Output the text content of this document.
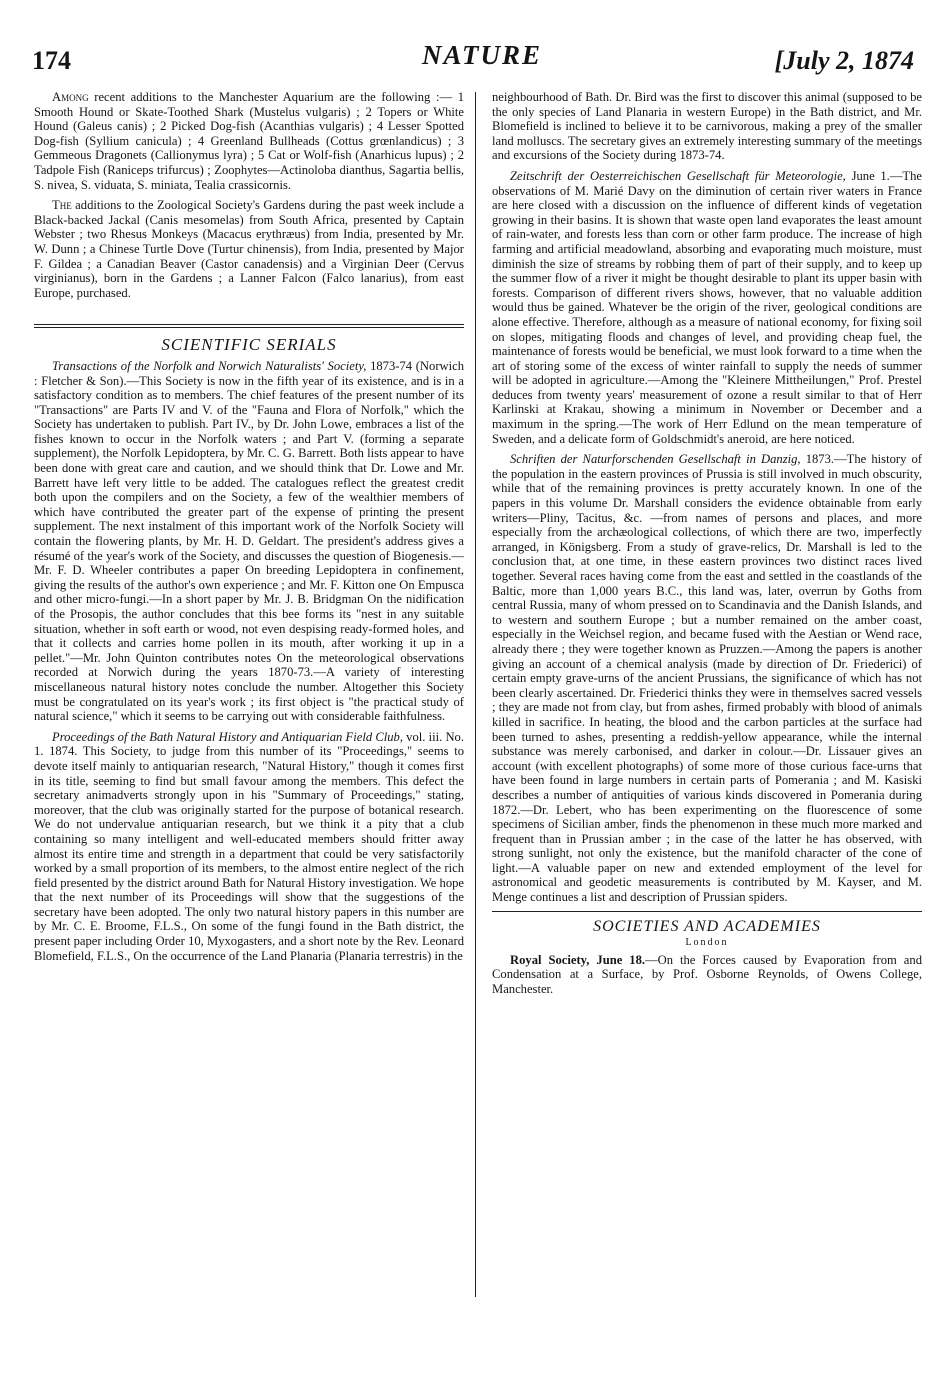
174	NATURE	[July 2, 1874

Among recent additions to the Manchester Aquarium are the following :— 1 Smooth Hound or Skate-Toothed Shark (Mustelus vulgaris) ; 2 Topers or White Hound (Galeus canis) ; 2 Picked Dog-fish (Acanthias vulgaris) ; 4 Lesser Spotted Dog-fish (Syllium canicula) ; 4 Greenland Bullheads (Cottus grœnlandicus) ; 3 Gemmeous Dragonets (Callionymus lyra) ; 5 Cat or Wolf-fish (Anarhicus lupus) ; 2 Tadpole Fish (Raniceps trifurcus) ; Zoophytes—Actinoloba dianthus, Sagartia bellis, S. nivea, S. viduata, S. miniata, Tealia crassicornis.

The additions to the Zoological Society's Gardens during the past week include a Black-backed Jackal (Canis mesomelas) from South Africa, presented by Captain Webster ; two Rhesus Monkeys (Macacus erythræus) from India, presented by Mr. W. Dunn ; a Chinese Turtle Dove (Turtur chinensis), from India, presented by Major F. Gildea ; a Canadian Beaver (Castor canadensis) and a Virginian Deer (Cervus virginianus), born in the Gardens ; a Lanner Falcon (Falco lanarius), from east Europe, purchased.

SCIENTIFIC SERIALS

Transactions of the Norfolk and Norwich Naturalists' Society, 1873-74 (Norwich : Fletcher & Son).—This Society is now in the fifth year of its existence, and is in a satisfactory condition as to members. The chief features of the present number of its "Transactions" are Parts IV and V. of the "Fauna and Flora of Norfolk," which the Society has undertaken to publish. Part IV., by Dr. John Lowe, embraces a list of the fishes known to occur in the Norfolk waters ; and Part V. (forming a separate supplement), the Norfolk Lepidoptera, by Mr. C. G. Barrett. Both lists appear to have been done with great care and caution, and we should think that Dr. Lowe and Mr. Barrett have left very little to be added. The catalogues reflect the greatest credit both upon the compilers and on the Society, a few of the wealthier members of which have contributed the greater part of the expense of printing the present supplement. The next instalment of this important work of the Norfolk Society will contain the flowering plants, by Mr. H. D. Geldart. The president's address gives a résumé of the year's work of the Society, and discusses the question of Biogenesis.—Mr. F. D. Wheeler contributes a paper On breeding Lepidoptera in confinement, giving the results of the author's own experience ; and Mr. F. Kitton one On Empusca and other micro-fungi.—In a short paper by Mr. J. B. Bridgman On the nidification of the Prosopis, the author concludes that this bee forms its "nest in any suitable situation, whether in soft earth or wood, not even despising ready-formed holes, and that it collects and carries home pollen in its mouth, after working it up in a pellet."—Mr. John Quinton contributes notes On the meteorological observations recorded at Norwich during the years 1870-73.—A variety of interesting miscellaneous natural history notes conclude the number. Altogether this Society must be congratulated on its year's work ; its first object is "the practical study of natural science," which it seems to be carrying out with considerable faithfulness.

Proceedings of the Bath Natural History and Antiquarian Field Club, vol. iii. No. 1. 1874. This Society, to judge from this number of its "Proceedings," seems to devote itself mainly to antiquarian research, "Natural History," though it comes first in its title, seeming to find but small favour among the members. This defect the secretary animadverts strongly upon in his "Summary of Proceedings," stating, moreover, that the club was originally started for the purpose of botanical research. We do not undervalue antiquarian research, but we think it a pity that a club containing so many intelligent and well-educated members should fritter away almost its entire time and strength in a department that could be very satisfactorily worked by a small proportion of its members, to the almost entire neglect of the rich field presented by the district around Bath for Natural History investigation. We hope that the next number of its Proceedings will show that the suggestions of the secretary have been adopted. The only two natural history papers in this number are by Mr. C. E. Broome, F.L.S., On some of the fungi found in the Bath district, the present paper including Order 10, Myxogasters, and a short note by the Rev. Leonard Blomefield, F.L.S., On the occurrence of the Land Planaria (Planaria terrestris) in the

neighbourhood of Bath. Dr. Bird was the first to discover this animal (supposed to be the only species of Land Planaria in western Europe) in the Bath district, and Mr. Blomefield is inclined to believe it to be carnivorous, making a prey of the smaller land molluscs. The secretary gives an extremely interesting summary of the meetings and excursions of the Society during 1873-74.

Zeitschrift der Oesterreichischen Gesellschaft für Meteorologie, June 1.—The observations of M. Marié Davy on the diminution of certain river waters in France are here closed with a discussion on the influence of different kinds of vegetation growing in their basins. It is shown that waste open land evaporates the least amount of rain-water, and forests less than corn or other farm produce. The increase of high farming and artificial meadowland, absorbing and evaporating much moisture, must diminish the size of streams by robbing them of part of their supply, and to keep up the summer flow of a river it might be thought desirable to plant its upper basin with forests. Comparison of different rivers shows, however, that no valuable addition would thus be gained. Whatever be the origin of the river, geological conditions are alone effective. Therefore, although as a measure of national economy, for fixing soil on slopes, mitigating floods and changes of level, and providing cheap fuel, the maintenance of forests would be beneficial, we must look forward to a time when the art of storing some of the excess of winter rainfall to supply the needs of summer will be adopted in agriculture.—Among the "Kleinere Mittheilungen," Prof. Prestel deduces from twenty years' measurement of ozone a result similar to that of Herr Karlinski at Krakau, showing a minimum in November or December and a maximum in the spring.—The work of Herr Edlund on the mean temperature of Sweden, and a delicate form of Goldschmidt's aneroid, are here noticed.

Schriften der Naturforschenden Gesellschaft in Danzig, 1873.—The history of the population in the eastern provinces of Prussia is still involved in much obscurity, while that of the remaining provinces is pretty accurately known. In one of the papers in this volume Dr. Marshall considers the evidence obtainable from early writers—Pliny, Tacitus, &c. —from names of persons and places, and more especially from the archæological collections, of which there are two, imperfectly arranged, in Königsberg. From a study of grave-relics, Dr. Marshall is led to the conclusion that, at one time, in these eastern provinces two distinct races lived together. Several races having come from the east and settled in the coastlands of the Baltic, more than 1,000 years B.C., this land was, later, overrun by Goths from central Russia, many of whom pressed on to Scandinavia and the Danish Islands, and to western and southern Europe ; but a number remained on the amber coast, especially in the Weichsel region, and became fused with the Aestian or Wend race, already there ; they were together known as Pruzzen.—Among the papers is another giving an account of a chemical analysis (made by direction of Dr. Friederici) of certain empty grave-urns of the ancient Prussians, the significance of which has not been clearly ascertained. Dr. Friederici thinks they were in themselves sacred vessels ; they are made not from clay, but from ashes, firmed probably with blood of animals killed in sacrifice. In heating, the blood and the carbon particles at the surface had been turned to ashes, presenting a reddish-yellow appearance, while the internal substance was merely carbonised, and darker in colour.—Dr. Lissauer gives an account (with excellent photographs) of some more of those curious face-urns that have been found in large numbers in certain parts of Pomerania ; and M. Kasiski describes a number of antiquities of various kinds discovered in Pomerania during 1872.—Dr. Lebert, who has been experimenting on the fluorescence of some specimens of Sicilian amber, finds the phenomenon in these much more marked and frequent than in Prussian amber ; in the case of the latter he has observed, with strong sunlight, not only the existence, but the manifold character of the cone of light.—A valuable paper on new and extended employment of the level for astronomical and geodetic measurements is contributed by M. Kayser, and M. Menge continues a list and description of Prussian spiders.

SOCIETIES AND ACADEMIES
London

Royal Society, June 18.—On the Forces caused by Evaporation from and Condensation at a Surface, by Prof. Osborne Reynolds, of Owens College, Manchester.
